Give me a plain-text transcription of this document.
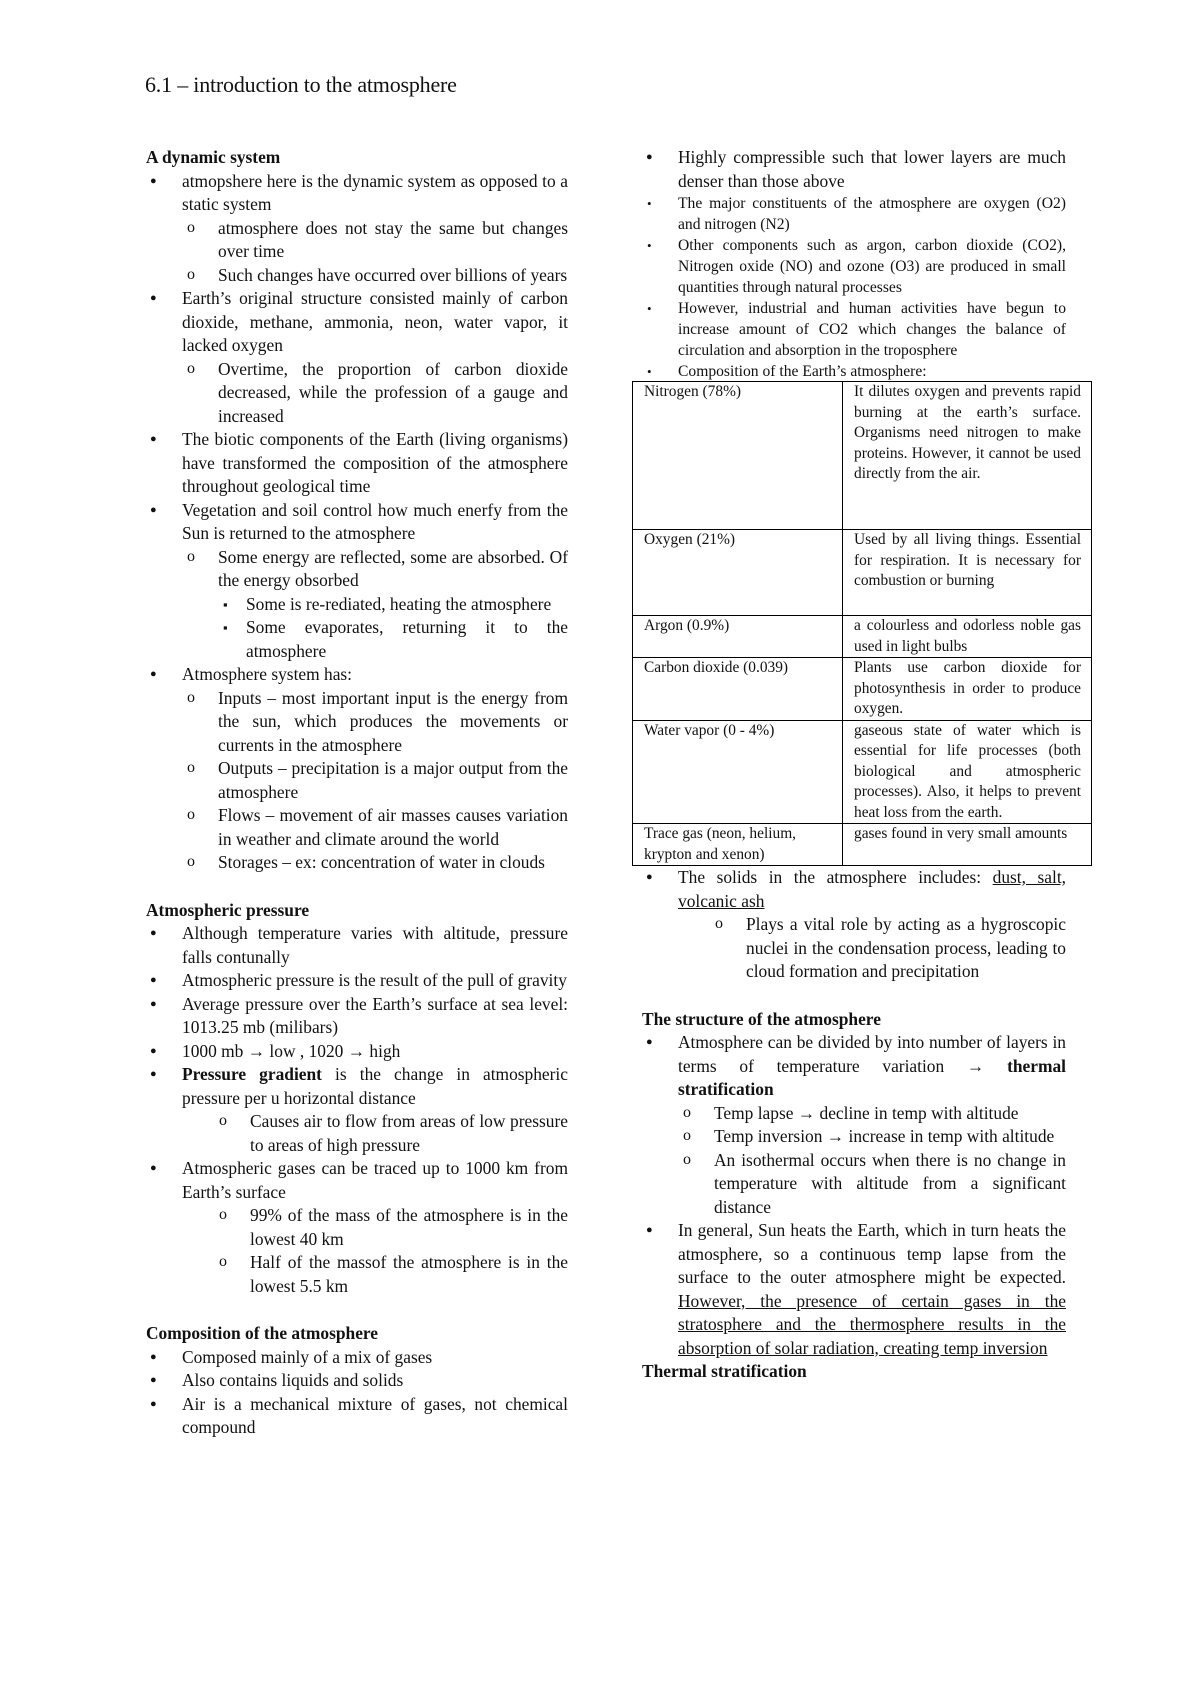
6.1 – introduction to the atmosphere
A dynamic system
● atmopshere here is the dynamic system as opposed to a static system
o atmosphere does not stay the same but changes over time
o Such changes have occurred over billions of years
● Earth’s original structure consisted mainly of carbon dioxide, methane, ammonia, neon, water vapor, it lacked oxygen
o Overtime, the proportion of carbon dioxide decreased, while the profession of a gauge and increased
● The biotic components of the Earth (living organisms) have transformed the composition of the atmosphere throughout geological time
● Vegetation and soil control how much enerfy from the Sun is returned to the atmosphere
o Some energy are reflected, some are absorbed. Of the energy obsorbed
▪ Some is re-rediated, heating the atmosphere
▪ Some evaporates, returning it to the atmosphere
● Atmosphere system has:
o Inputs – most important input is the energy from the sun, which produces the movements or currents in the atmosphere
o Outputs – precipitation is a major output from the atmosphere
o Flows – movement of air masses causes variation in weather and climate around the world
o Storages – ex: concentration of water in clouds
Atmospheric pressure
● Although temperature varies with altitude, pressure falls contunally
● Atmospheric pressure is the result of the pull of gravity
● Average pressure over the Earth’s surface at sea level: 1013.25 mb (milibars)
● 1000 mb → low , 1020 → high
● Pressure gradient is the change in atmospheric pressure per u horizontal distance
o Causes air to flow from areas of low pressure to areas of high pressure
● Atmospheric gases can be traced up to 1000 km from Earth’s surface
o 99% of the mass of the atmosphere is in the lowest 40 km
o Half of the massof the atmosphere is in the lowest 5.5 km
Composition of the atmosphere
● Composed mainly of a mix of gases
● Also contains liquids and solids
● Air is a mechanical mixture of gases, not chemical compound
● Highly compressible such that lower layers are much denser than those above
• The major constituents of the atmosphere are oxygen (O2) and nitrogen (N2)
• Other components such as argon, carbon dioxide (CO2), Nitrogen oxide (NO) and ozone (O3) are produced in small quantities through natural processes
• However, industrial and human activities have begun to increase amount of CO2 which changes the balance of circulation and absorption in the troposphere
• Composition of the Earth’s atmosphere:
Nitrogen (78%)	It dilutes oxygen and prevents rapid burning at the earth’s surface. Organisms need nitrogen to make proteins. However, it cannot be used directly from the air.
Oxygen (21%)	Used by all living things. Essential for respiration. It is necessary for combustion or burning
Argon (0.9%)	a colourless and odorless noble gas used in light bulbs
Carbon dioxide (0.039)	Plants use carbon dioxide for photosynthesis in order to produce oxygen.
Water vapor (0 - 4%)	gaseous state of water which is essential for life processes (both biological and atmospheric processes). Also, it helps to prevent heat loss from the earth.
Trace gas (neon, helium, krypton and xenon)	gases found in very small amounts
● The solids in the atmosphere includes: dust, salt, volcanic ash
o Plays a vital role by acting as a hygroscopic nuclei in the condensation process, leading to cloud formation and precipitation
The structure of the atmosphere
● Atmosphere can be divided by into number of layers in terms of temperature variation → thermal stratification
o Temp lapse → decline in temp with altitude
o Temp inversion → increase in temp with altitude
o An isothermal occurs when there is no change in temperature with altitude from a significant distance
● In general, Sun heats the Earth, which in turn heats the atmosphere, so a continuous temp lapse from the surface to the outer atmosphere might be expected. However, the presence of certain gases in the stratosphere and the thermosphere results in the absorption of solar radiation, creating temp inversion
Thermal stratification
